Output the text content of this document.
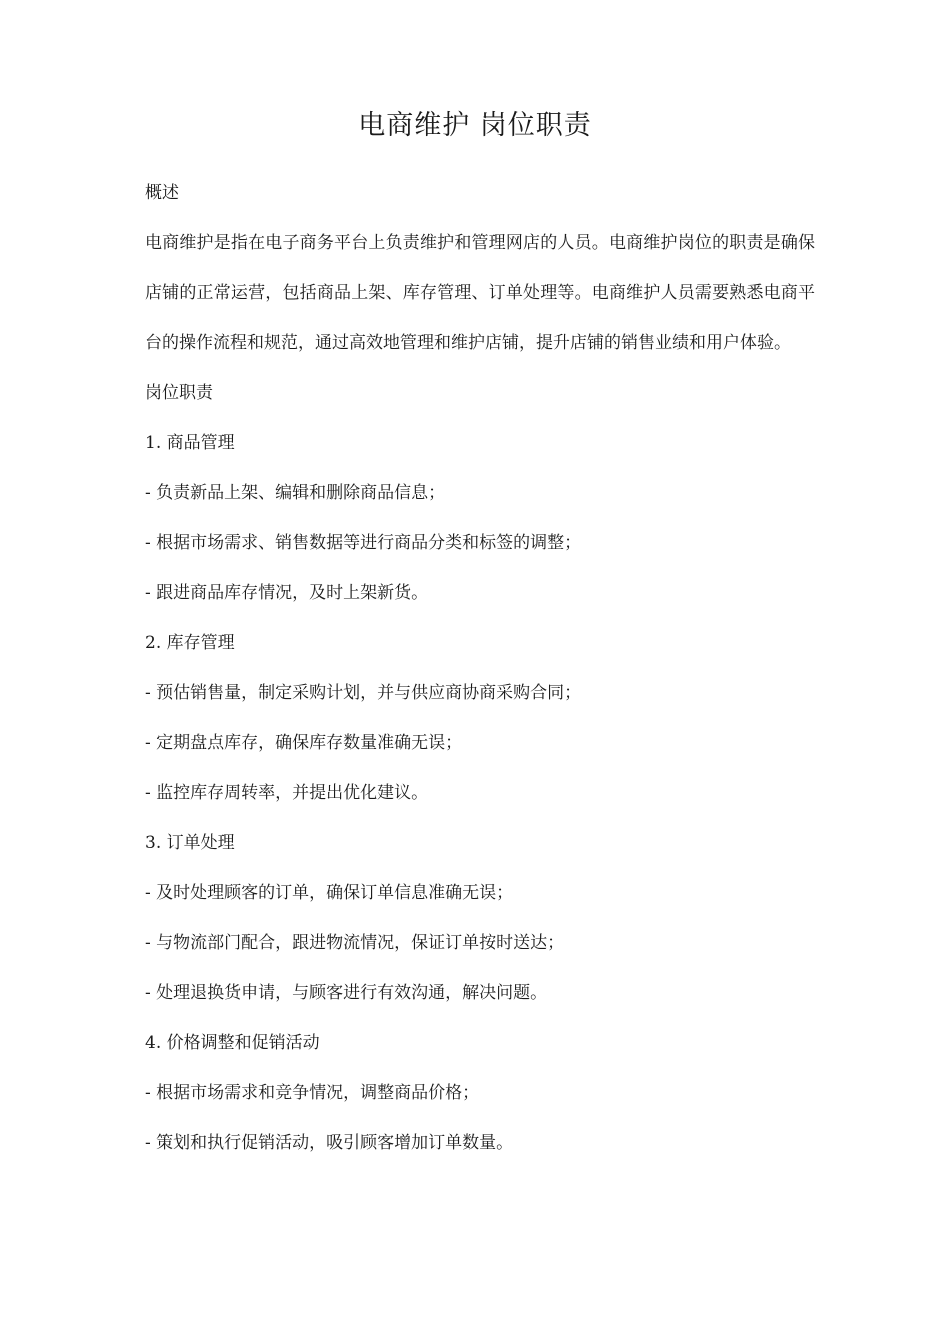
电商维护 岗位职责

概述

电商维护是指在电子商务平台上负责维护和管理网店的人员。电商维护岗位的职责是确保店铺的正常运营，包括商品上架、库存管理、订单处理等。电商维护人员需要熟悉电商平台的操作流程和规范，通过高效地管理和维护店铺，提升店铺的销售业绩和用户体验。

岗位职责

1. 商品管理

- 负责新品上架、编辑和删除商品信息；

- 根据市场需求、销售数据等进行商品分类和标签的调整；

- 跟进商品库存情况，及时上架新货。

2. 库存管理

- 预估销售量，制定采购计划，并与供应商协商采购合同；

- 定期盘点库存，确保库存数量准确无误；

- 监控库存周转率，并提出优化建议。

3. 订单处理

- 及时处理顾客的订单，确保订单信息准确无误；

- 与物流部门配合，跟进物流情况，保证订单按时送达；

- 处理退换货申请，与顾客进行有效沟通，解决问题。

4. 价格调整和促销活动

- 根据市场需求和竞争情况，调整商品价格；

- 策划和执行促销活动，吸引顾客增加订单数量。
